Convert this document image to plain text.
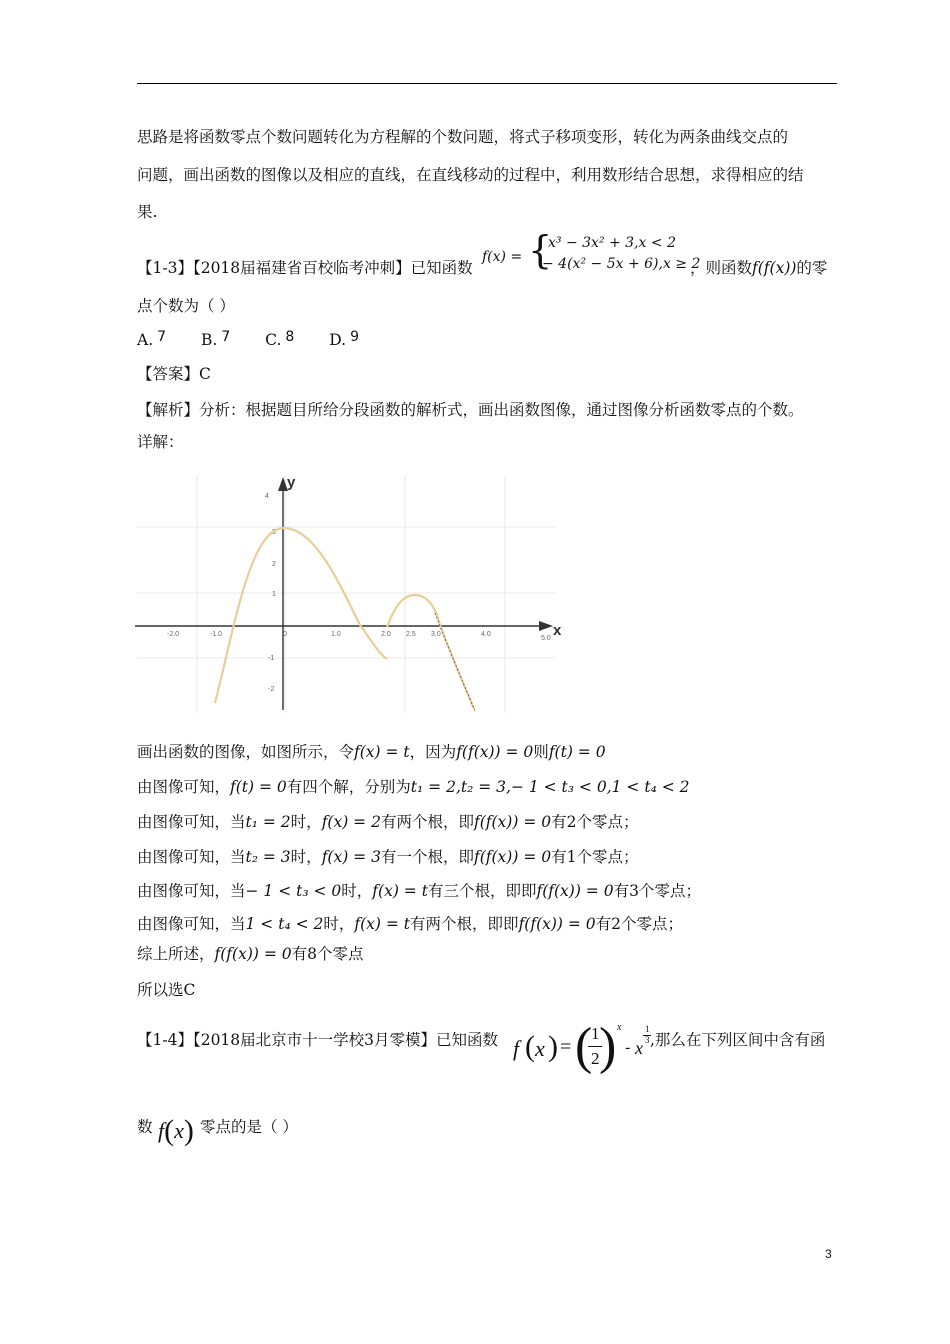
思路是将函数零点个数问题转化为方程解的个数问题，将式子移项变形，转化为两条曲线交点的
问题，画出函数的图像以及相应的直线，在直线移动的过程中，利用数形结合思想，求得相应的结
果.
【1-3】【2018届福建省百校临考冲刺】已知函数
f(x) = {
x³ − 3x² + 3,x < 2
− 4(x² − 5x + 6),x ≥ 2
，则函数f(f(x))的零
点个数为（ ）
A. 7 B. 7 C. 8 D. 9
【答案】C
【解析】分析：根据题目所给分段函数的解析式，画出函数图像，通过图像分析函数零点的个数。
详解：
y
x
-2.0	-1.0	0	1.0	2.0 2.5 3.0	4.0
5.0
4
3
2
1
-1
-2
画出函数的图像，如图所示，令f(x) = t，因为f(f(x)) = 0则f(t) = 0
由图像可知，f(t) = 0有四个解，分别为t₁ = 2,t₂ = 3,− 1 < t₃ < 0,1 < t₄ < 2
由图像可知，当t₁ = 2时，f(x) = 2有两个根，即f(f(x)) = 0有2个零点；
由图像可知，当t₂ = 3时，f(x) = 3有一个根，即f(f(x)) = 0有1个零点；
由图像可知，当− 1 < t₃ < 0时，f(x) = t有三个根，即即f(f(x)) = 0有3个零点；
由图像可知，当1 < t₄ < 2时，f(x) = t有两个根，即即f(f(x)) = 0有2个零点；
综上所述，f(f(x)) = 0有8个零点
所以选C
【1-4】【2018届北京市十一学校3月零模】已知函数 f ( x ) = (
1
2 ) x
- x
1
3 ,那么在下列区间中含有函
数 f(x) 零点的是（ ）
3
